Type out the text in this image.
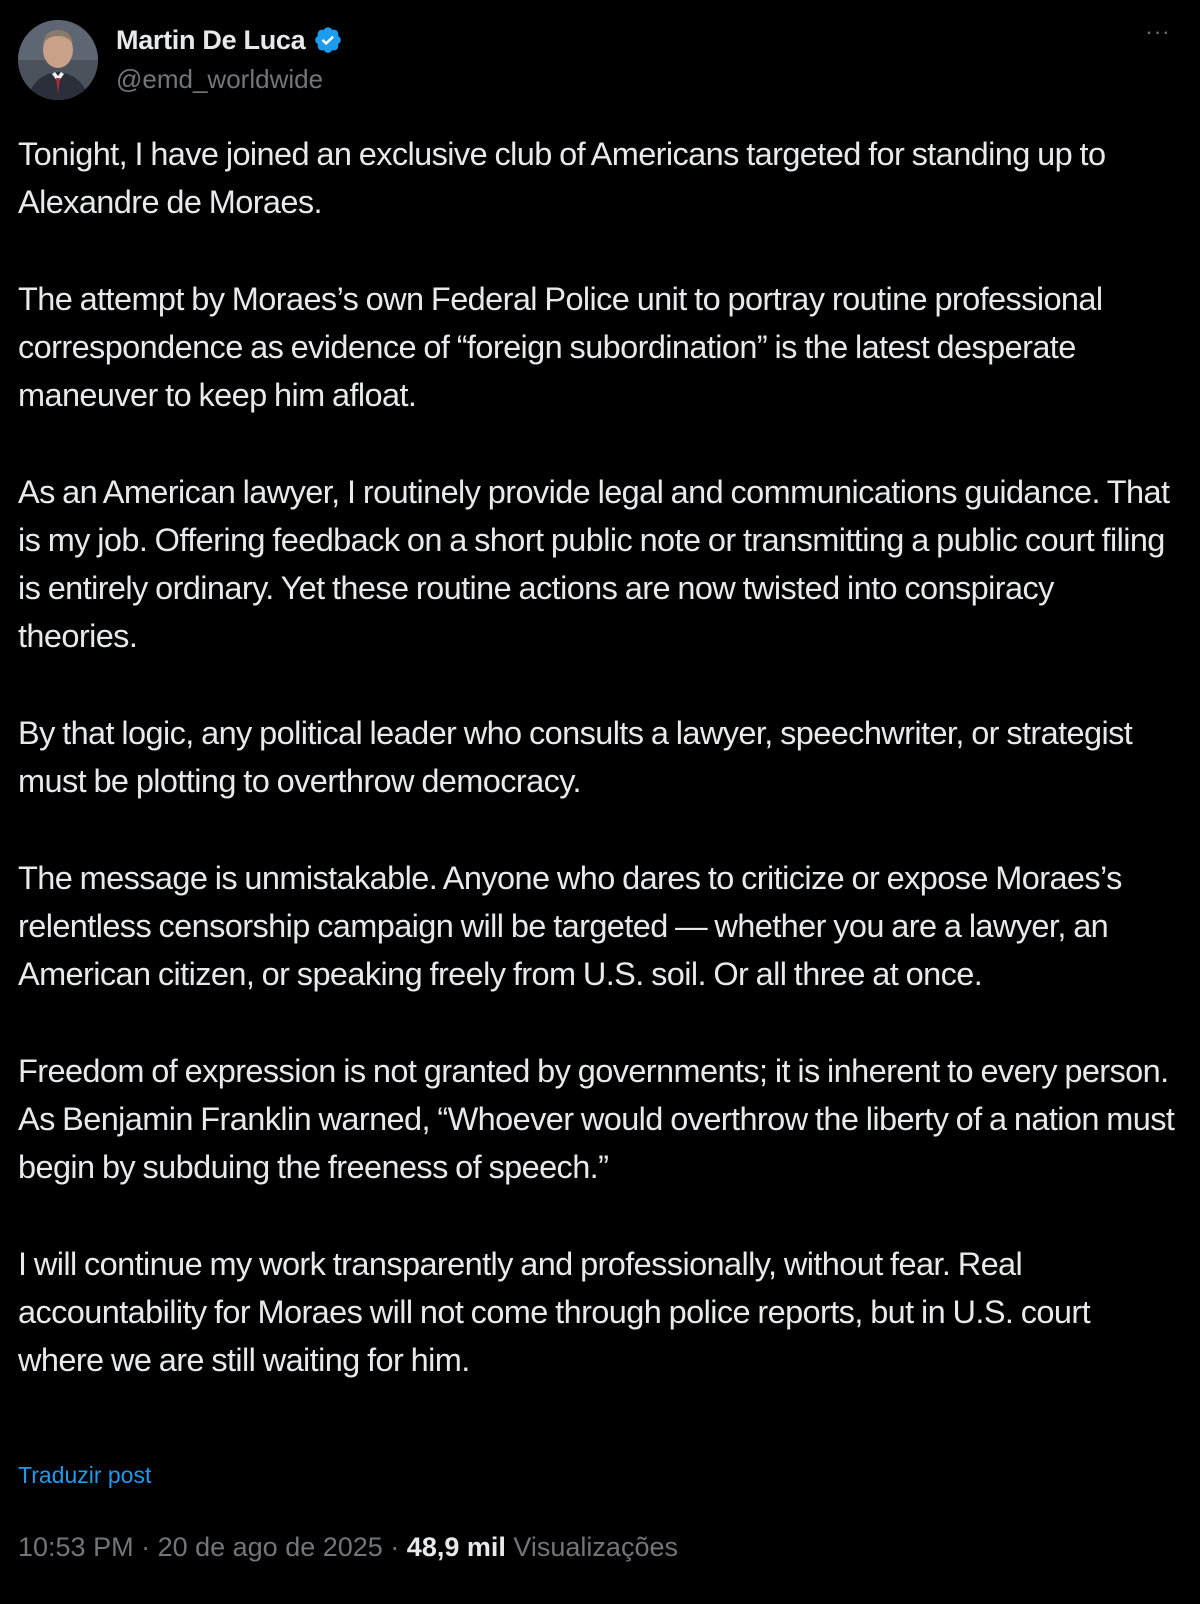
Martin De Luca
@emd_worldwide
···

Tonight, I have joined an exclusive club of Americans targeted for standing up to Alexandre de Moraes.

The attempt by Moraes’s own Federal Police unit to portray routine professional correspondence as evidence of “foreign subordination” is the latest desperate maneuver to keep him afloat.

As an American lawyer, I routinely provide legal and communications guidance. That is my job. Offering feedback on a short public note or transmitting a public court filing is entirely ordinary. Yet these routine actions are now twisted into conspiracy theories.

By that logic, any political leader who consults a lawyer, speechwriter, or strategist must be plotting to overthrow democracy.

The message is unmistakable. Anyone who dares to criticize or expose Moraes’s relentless censorship campaign will be targeted — whether you are a lawyer, an American citizen, or speaking freely from U.S. soil. Or all three at once.

Freedom of expression is not granted by governments; it is inherent to every person. As Benjamin Franklin warned, “Whoever would overthrow the liberty of a nation must begin by subduing the freeness of speech.”

I will continue my work transparently and professionally, without fear. Real accountability for Moraes will not come through police reports, but in U.S. court where we are still waiting for him.

Traduzir post
10:53 PM · 20 de ago de 2025 · 48,9 mil Visualizações
